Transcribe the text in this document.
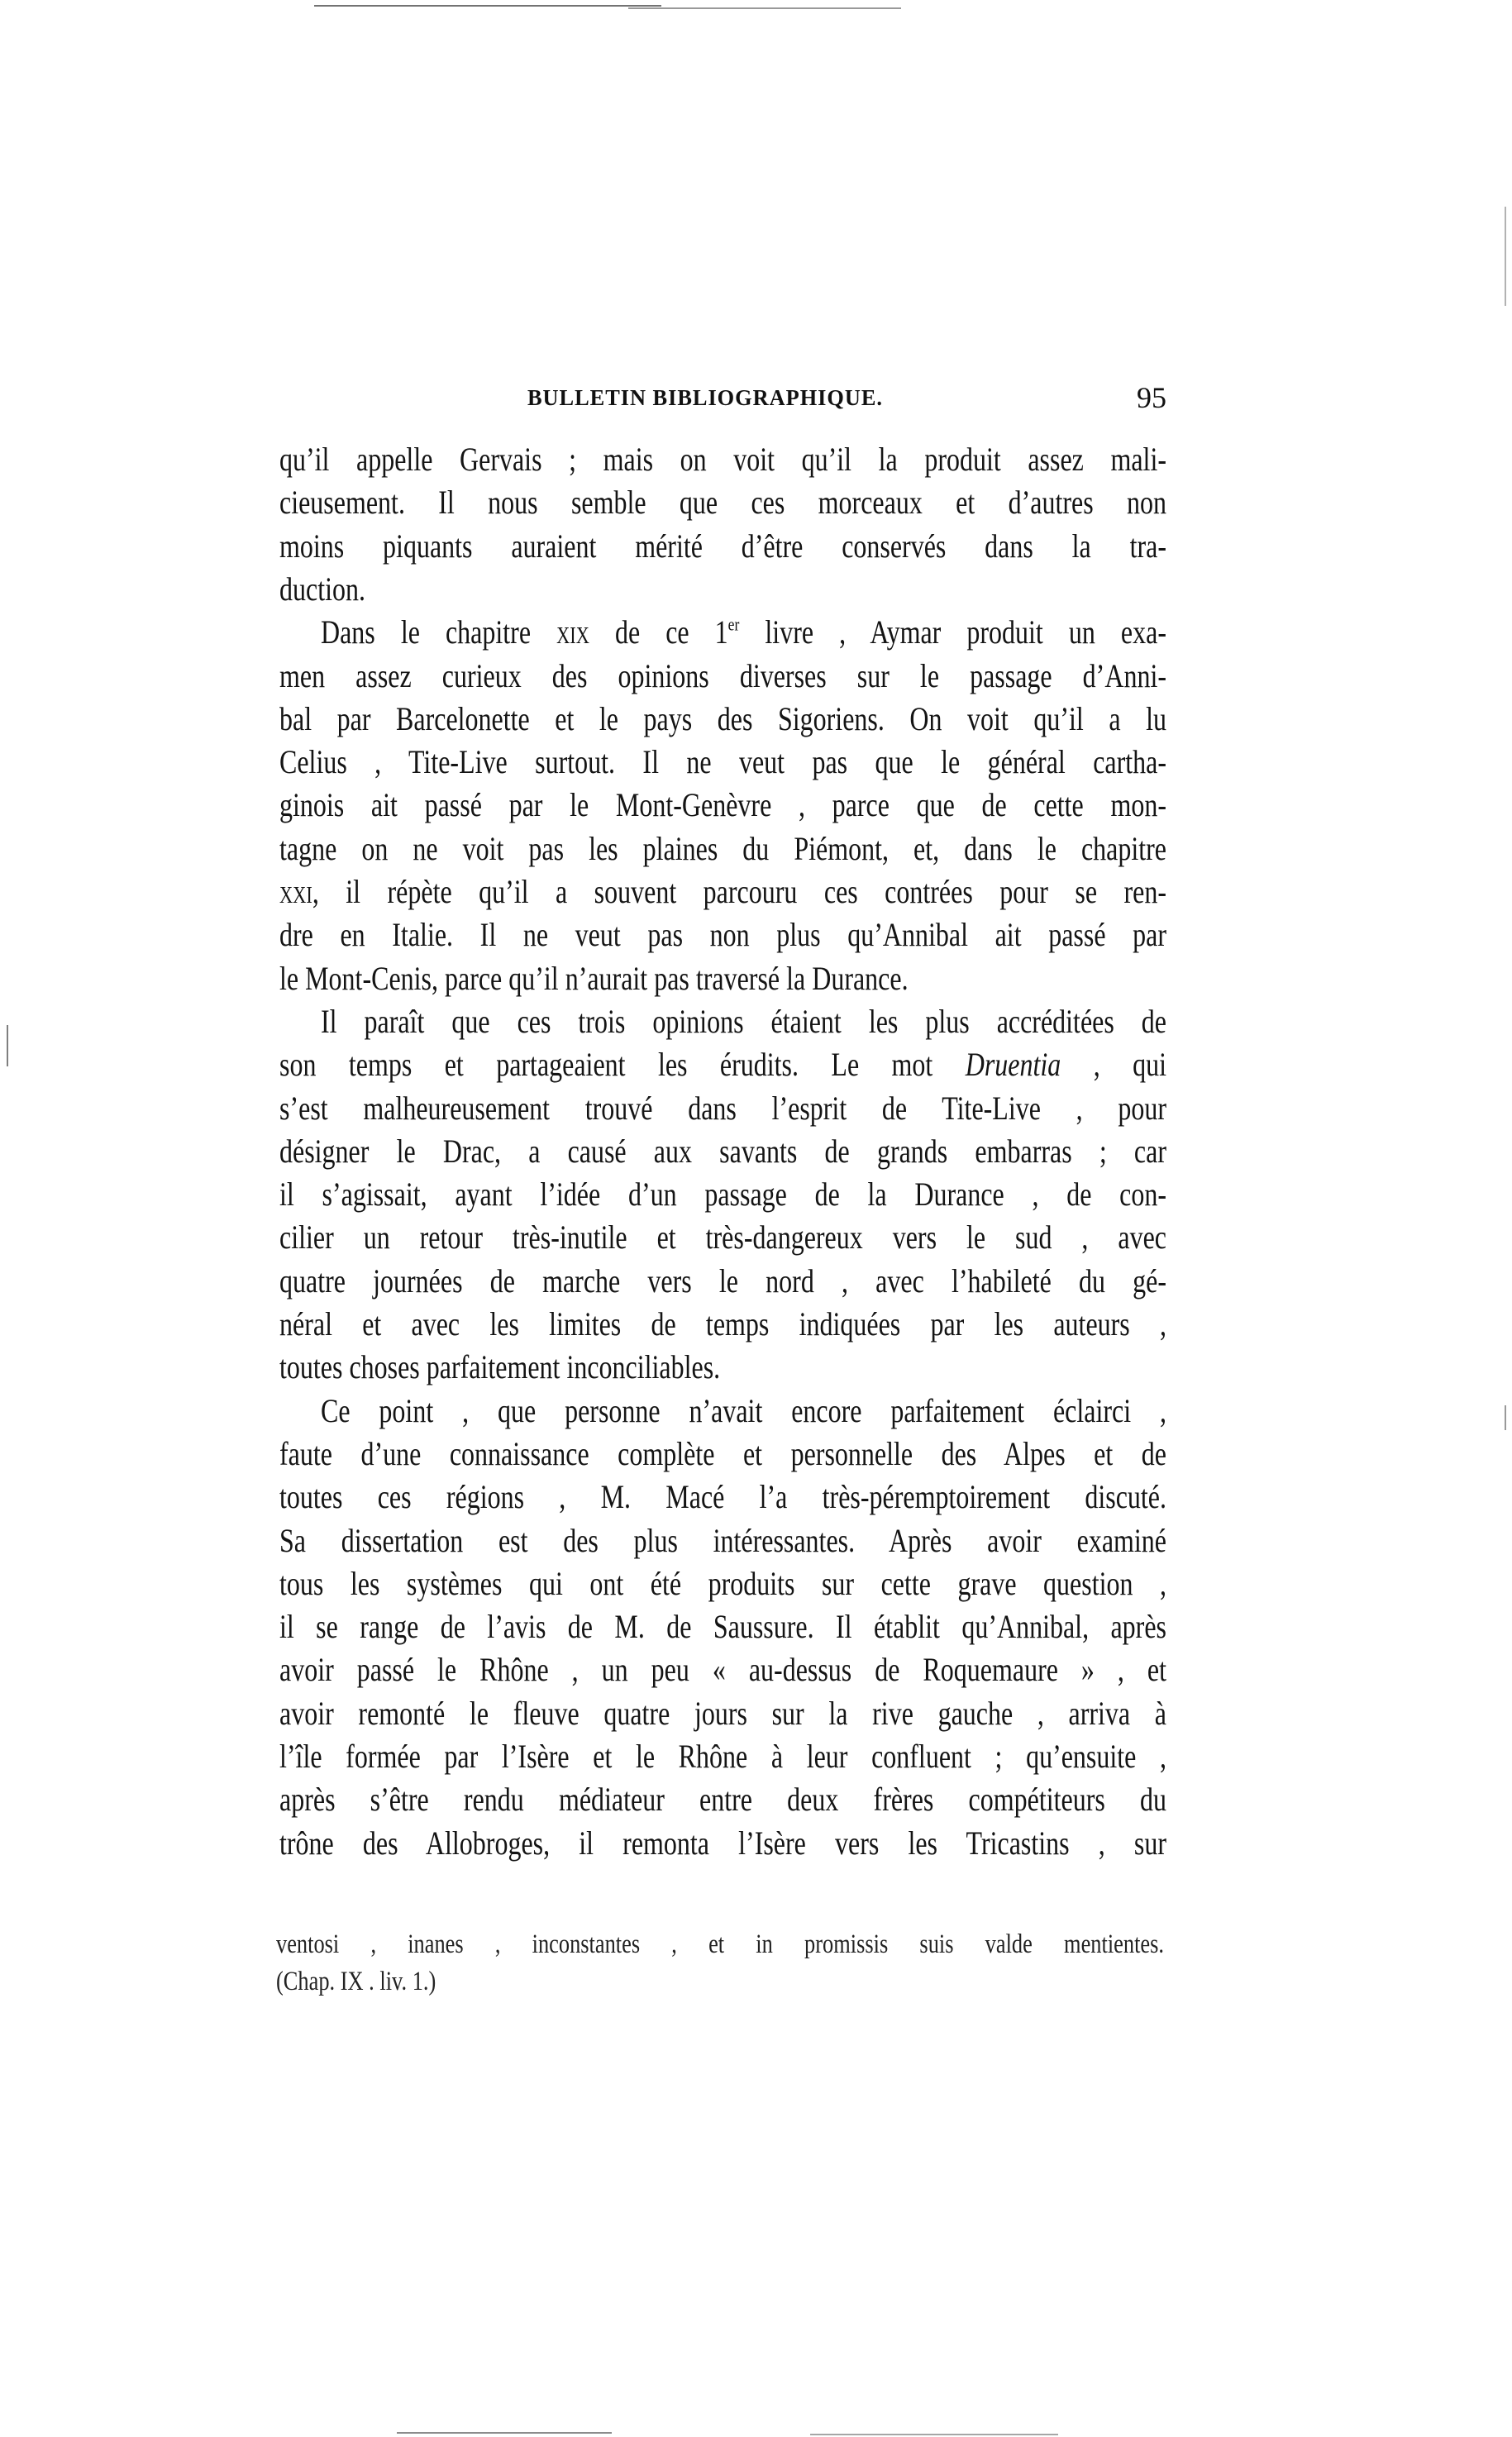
BULLETIN BIBLIOGRAPHIQUE.	95
qu’il appelle Gervais ; mais on voit qu’il la produit assez mali-
cieusement. Il nous semble que ces morceaux et d’autres non
moins piquants auraient mérité d’être conservés dans la tra-
duction.
Dans le chapitre xix de ce 1er livre , Aymar produit un exa-
men assez curieux des opinions diverses sur le passage d’Anni-
bal par Barcelonette et le pays des Sigoriens. On voit qu’il a lu
Celius , Tite-Live surtout. Il ne veut pas que le général cartha-
ginois ait passé par le Mont-Genèvre , parce que de cette mon-
tagne on ne voit pas les plaines du Piémont, et, dans le chapitre
xxi, il répète qu’il a souvent parcouru ces contrées pour se ren-
dre en Italie. Il ne veut pas non plus qu’Annibal ait passé par
le Mont-Cenis, parce qu’il n’aurait pas traversé la Durance.
Il paraît que ces trois opinions étaient les plus accréditées de
son temps et partageaient les érudits. Le mot Druentia , qui
s’est malheureusement trouvé dans l’esprit de Tite-Live , pour
désigner le Drac, a causé aux savants de grands embarras ; car
il s’agissait, ayant l’idée d’un passage de la Durance , de con-
cilier un retour très-inutile et très-dangereux vers le sud , avec
quatre journées de marche vers le nord , avec l’habileté du gé-
néral et avec les limites de temps indiquées par les auteurs ,
toutes choses parfaitement inconciliables.
Ce point , que personne n’avait encore parfaitement éclairci ,
faute d’une connaissance complète et personnelle des Alpes et de
toutes ces régions , M. Macé l’a très-péremptoirement discuté.
Sa dissertation est des plus intéressantes. Après avoir examiné
tous les systèmes qui ont été produits sur cette grave question ,
il se range de l’avis de M. de Saussure. Il établit qu’Annibal, après
avoir passé le Rhône , un peu « au-dessus de Roquemaure » , et
avoir remonté le fleuve quatre jours sur la rive gauche , arriva à
l’île formée par l’Isère et le Rhône à leur confluent ; qu’ensuite ,
après s’être rendu médiateur entre deux frères compétiteurs du
trône des Allobroges, il remonta l’Isère vers les Tricastins , sur
ventosi , inanes , inconstantes , et in promissis suis valde mentientes.
(Chap. IX . liv. 1.)
